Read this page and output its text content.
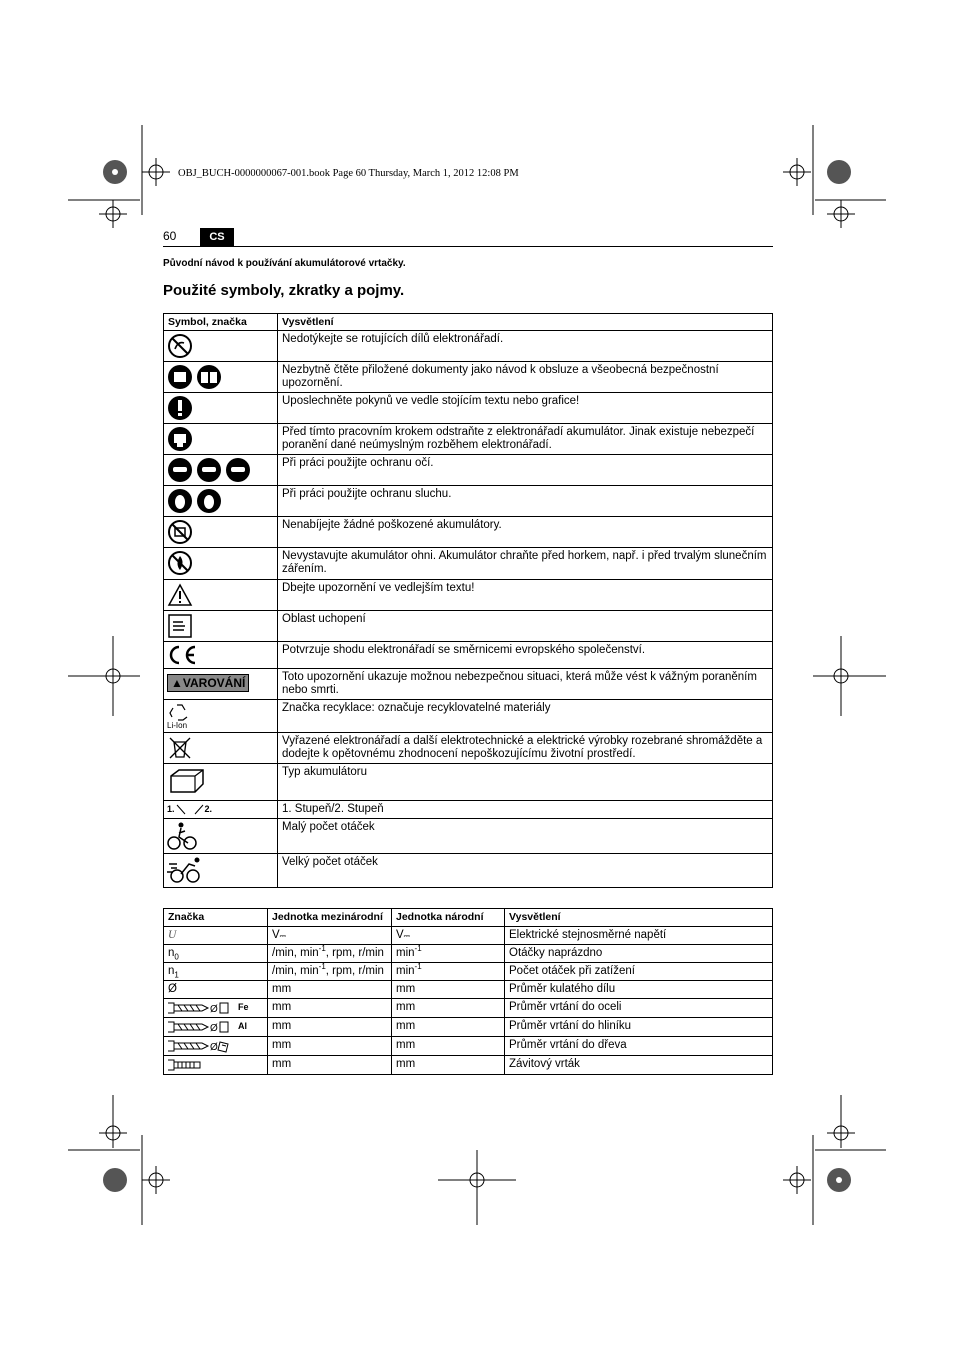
OBJ_BUCH-0000000067-001.book Page 60 Thursday, March 1, 2012 12:08 PM
60	CS
Původní návod k používání akumulátorové vrtačky.
Použité symboly, zkratky a pojmy.
Symbol, značka	Vysvětlení
	Nedotýkejte se rotujících dílů elektronářadí.
	Nezbytně čtěte přiložené dokumenty jako návod k obsluze a všeobecná bezpečnostní upozornění.
	Uposlechněte pokynů ve vedle stojícím textu nebo grafice!
	Před tímto pracovním krokem odstraňte z elektronářadí akumulátor. Jinak existuje nebezpečí poranění dané neúmyslným rozběhem elektronářadí.
	Při práci použijte ochranu očí.
	Při práci použijte ochranu sluchu.
	Nenabíjejte žádné poškozené akumulátory.
	Nevystavujte akumulátor ohni. Akumulátor chraňte před horkem, např. i před trvalým slunečním zářením.
	Dbejte upozornění ve vedlejším textu!
	Oblast uchopení
	Potvrzuje shodu elektronářadí se směrnicemi evropského společenství.
▲VAROVÁNÍ	Toto upozornění ukazuje možnou nebezpečnou situaci, která může vést k vážným poraněním nebo smrti.

Li-Ion	Značka recyklace: označuje recyklovatelné materiály
	Vyřazené elektronářadí a další elektrotechnické a elektrické výrobky rozebrané shromážděte a dodejte k opětovnému zhodnocení nepoškozujícímu životní prostředí.
	Typ akumulátoru
1. 2.	1. Stupeň/2. Stupeň
	Malý počet otáček
	Velký počet otáček
Značka	Jednotka mezinárodní	Jednotka národní	Vysvětlení
U	V⎓	V⎓	Elektrické stejnosměrné napětí
$n_0$	/min, $\min^{-1}$, rpm, r/min	$\min^{-1}$	Otáčky naprázdno
$n_1$	/min, $\min^{-1}$, rpm, r/min	$\min^{-1}$	Počet otáček při zatížení
Ø	mm	mm	Průměr kulatého dílu

Ø Fe	mm	mm	Průměr vrtání do oceli

Ø Al	mm	mm	Průměr vrtání do hliníku

Ø	mm	mm	Průměr vrtání do dřeva
	mm	mm	Závitový vrták
